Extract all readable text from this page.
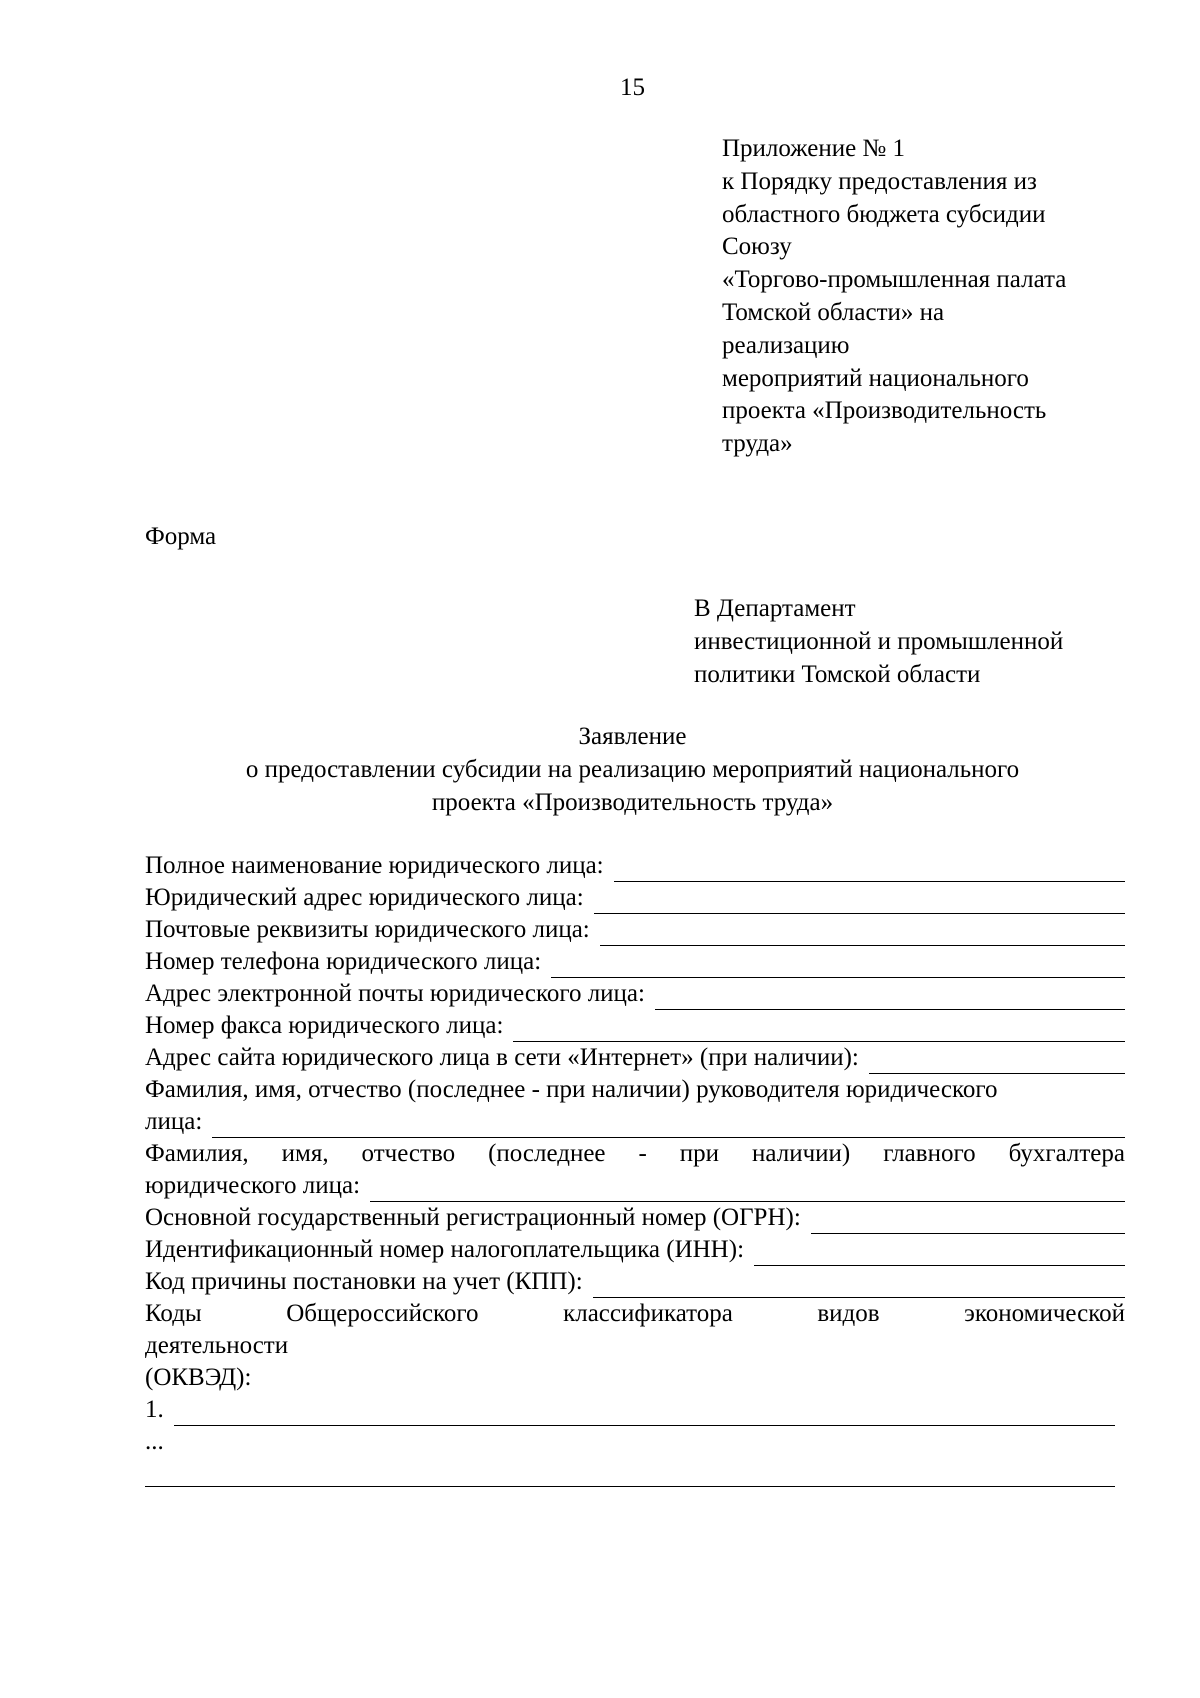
15
Приложение № 1
к Порядку предоставления из
областного бюджета субсидии
Союзу
«Торгово-промышленная палата
Томской области» на
реализацию
мероприятий национального
проекта «Производительность
труда»
Форма
В Департамент
инвестиционной и промышленной
политики Томской области
Заявление
о предоставлении субсидии на реализацию мероприятий национального
проекта «Производительность труда»
Полное наименование юридического лица:
Юридический адрес юридического лица:
Почтовые реквизиты юридического лица:
Номер телефона юридического лица:
Адрес электронной почты юридического лица:
Номер факса юридического лица:
Адрес сайта юридического лица в сети «Интернет» (при наличии):
Фамилия, имя, отчество (последнее - при наличии) руководителя юридического
лица:
Фамилия, имя, отчество (последнее - при наличии) главного бухгалтера
юридического лица:
Основной государственный регистрационный номер (ОГРН):
Идентификационный номер налогоплательщика (ИНН):
Код причины постановки на учет (КПП):
Коды	Общероссийского	классификатора	видов	экономической
деятельности
(ОКВЭД):
1.
...
